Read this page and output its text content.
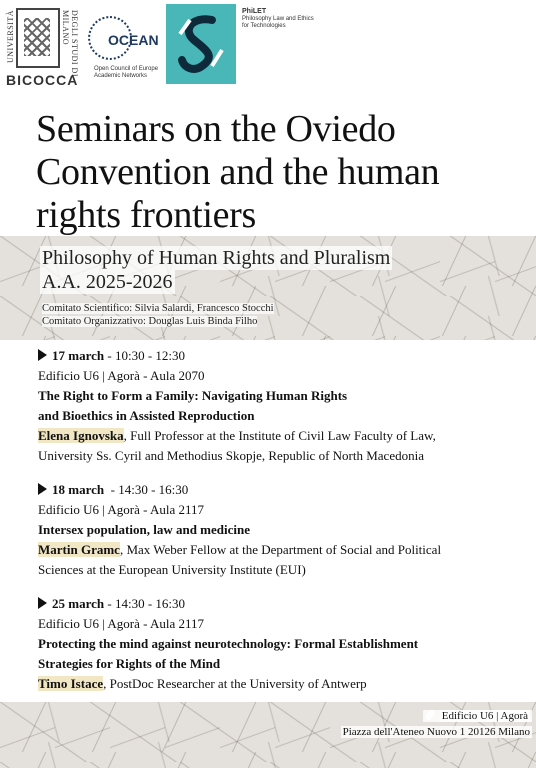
UNIVERSITÀ	DEGLI STUDI DI MILANO
BICOCCA
OCEAN
Open Council of Europe
Academic Networks
PhiLET
Philosophy Law and Ethics
for Technologies
Seminars on the Oviedo
Convention and the human
rights frontiers
Philosophy of Human Rights and Pluralism
A.A. 2025-2026
Comitato Scientifico: Silvia Salardi, Francesco Stocchi
Comitato Organizzativo: Douglas Luis Binda Filho
17 march - 10:30 - 12:30
Edificio U6 | Agorà - Aula 2070
The Right to Form a Family: Navigating Human Rights
and Bioethics in Assisted Reproduction
Elena Ignovska, Full Professor at the Institute of Civil Law Faculty of Law,
University Ss. Cyril and Methodius Skopje, Republic of North Macedonia
18 march  - 14:30 - 16:30
Edificio U6 | Agorà - Aula 2117
Intersex population, law and medicine
Martin Gramc, Max Weber Fellow at the Department of Social and Political
Sciences at the European University Institute (EUI)
25 march - 14:30 - 16:30
Edificio U6 | Agorà - Aula 2117
Protecting the mind against neurotechnology: Formal Establishment
Strategies for Rights of the Mind
Timo Istace, PostDoc Researcher at the University of Antwerp
Edificio U6 | Agorà
Piazza dell'Ateneo Nuovo 1 20126 Milano
